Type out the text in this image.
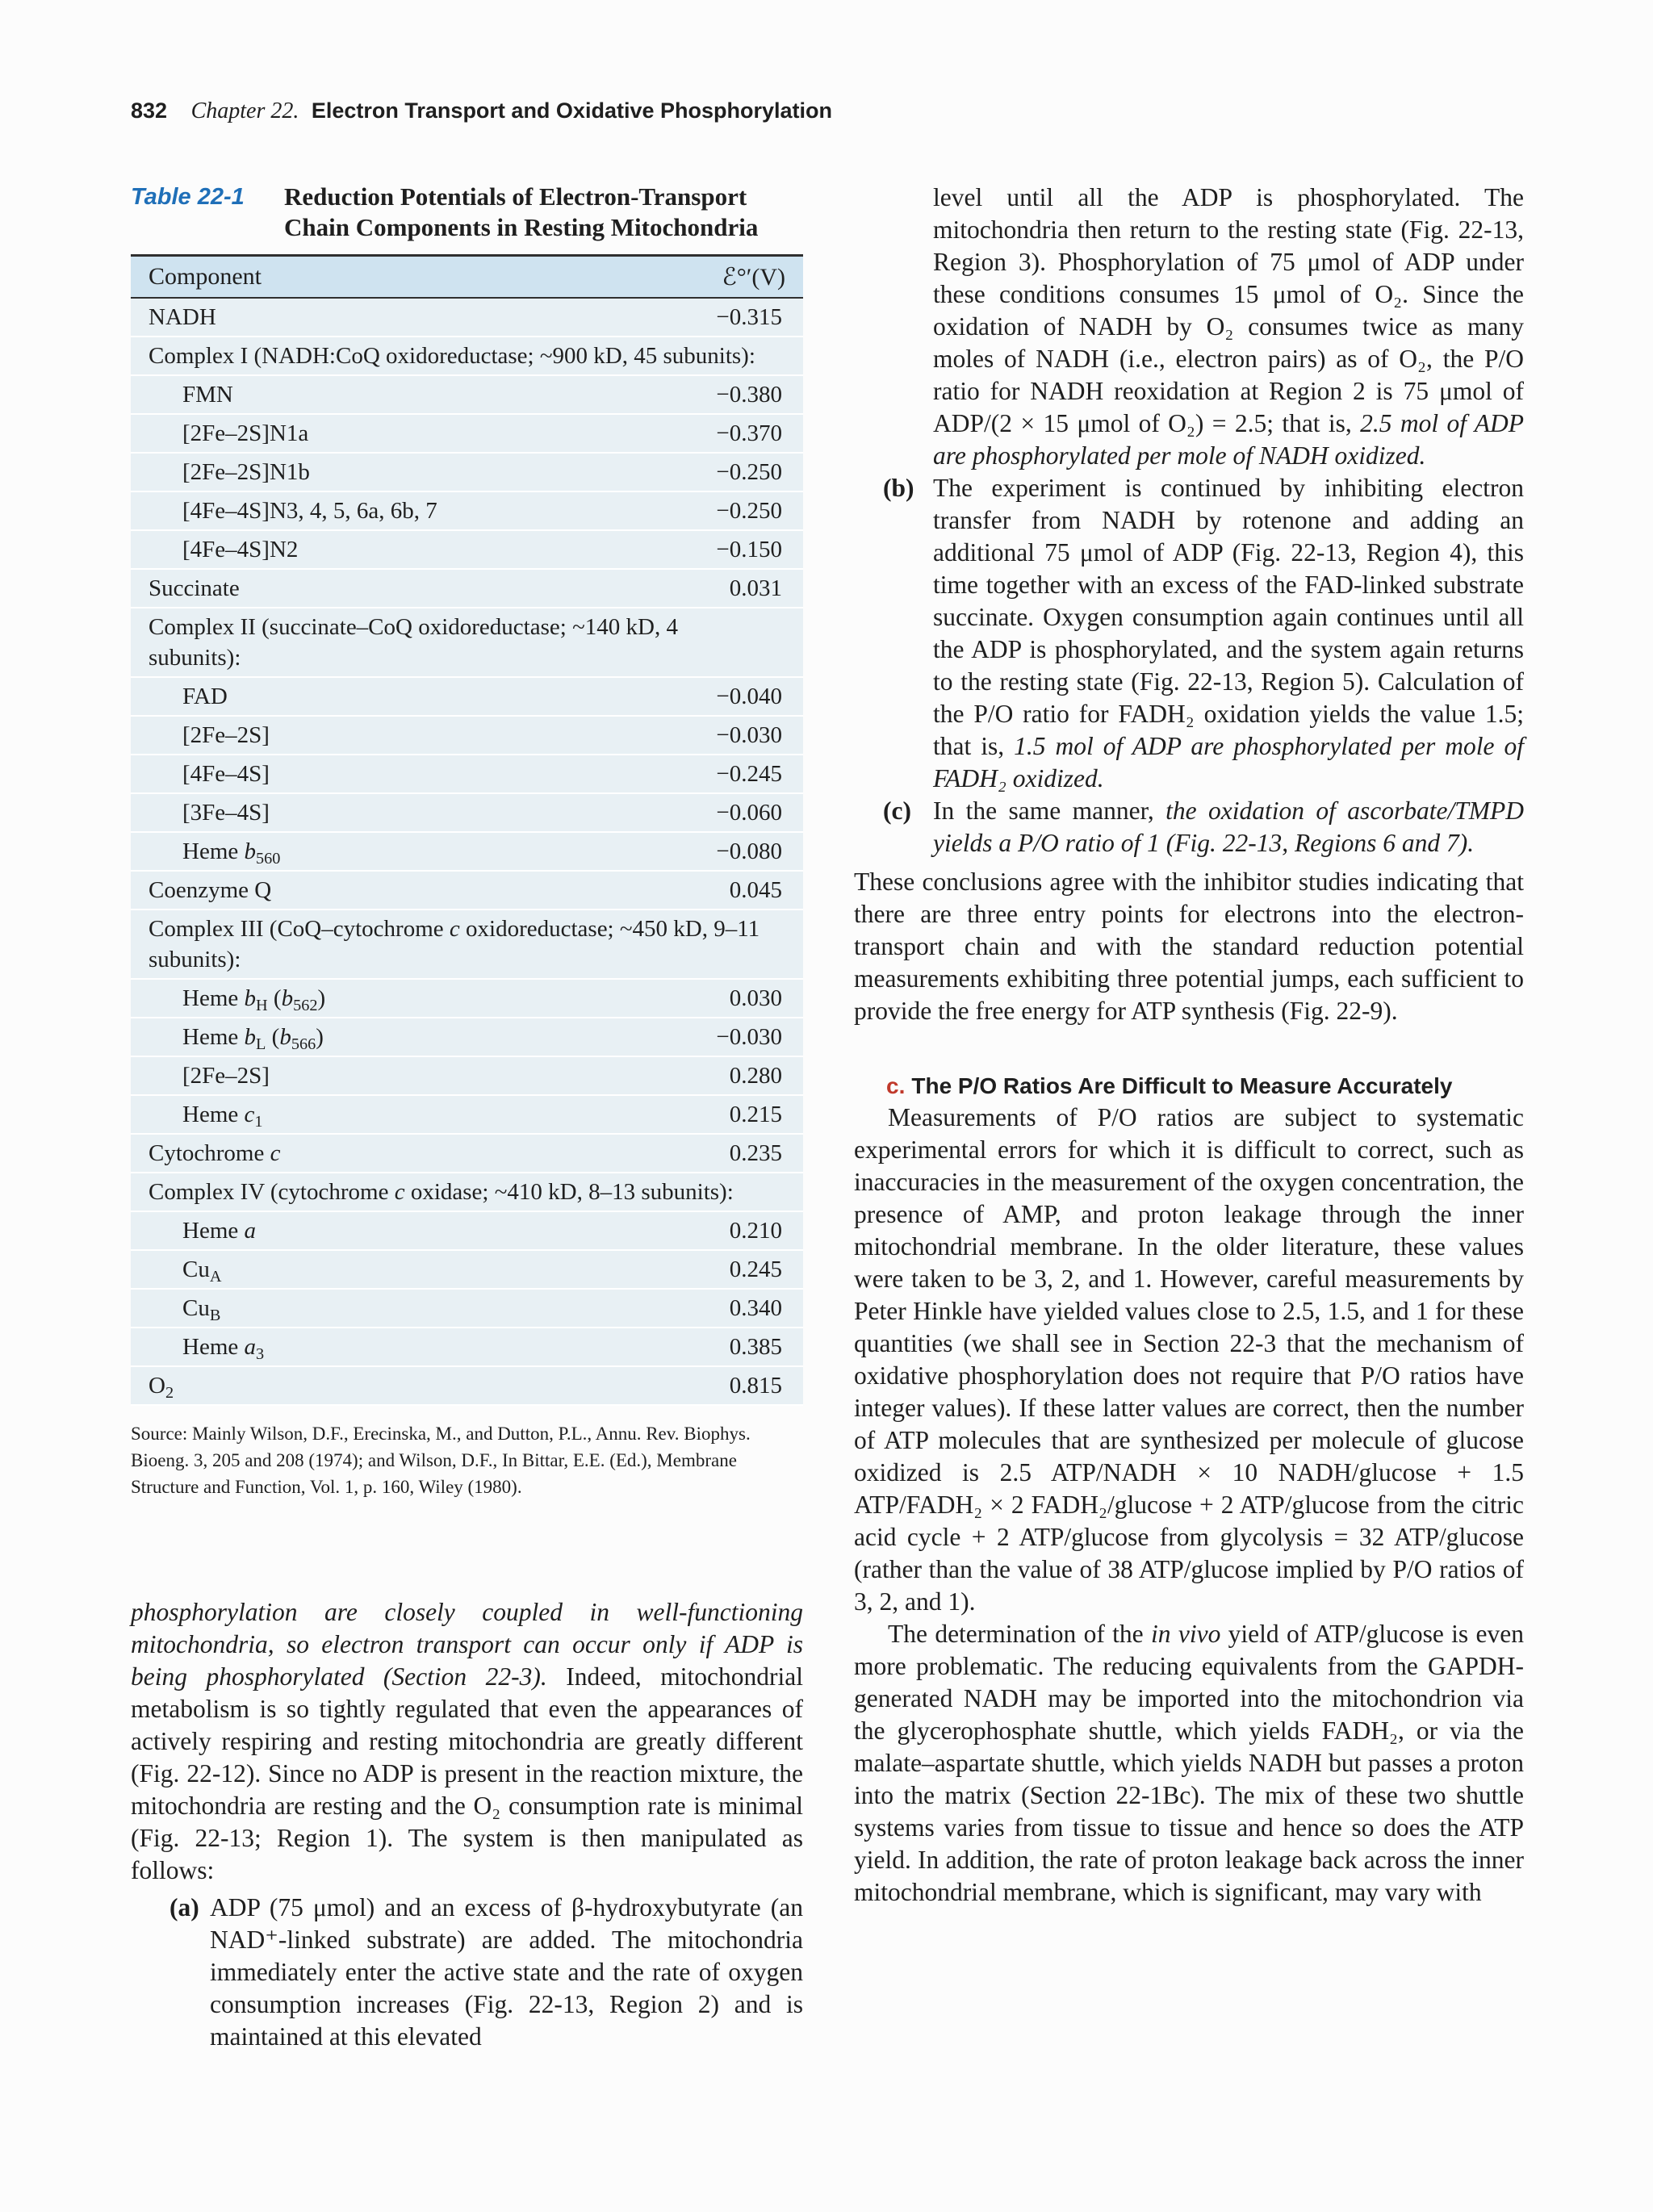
832 Chapter 22. Electron Transport and Oxidative Phosphorylation
Table 22-1	Reduction Potentials of Electron-Transport Chain Components in Resting Mitochondria
Component	ℰ°′(V)
NADH	−0.315
Complex I (NADH:CoQ oxidoreductase; ~900 kD, 45 subunits):
FMN	−0.380
[2Fe–2S]N1a	−0.370
[2Fe–2S]N1b	−0.250
[4Fe–4S]N3, 4, 5, 6a, 6b, 7	−0.250
[4Fe–4S]N2	−0.150
Succinate	0.031
Complex II (succinate–CoQ oxidoreductase; ~140 kD, 4 subunits):
FAD	−0.040
[2Fe–2S]	−0.030
[4Fe–4S]	−0.245
[3Fe–4S]	−0.060
Heme $b_{560}$	−0.080
Coenzyme Q	0.045
Complex III (CoQ–cytochrome c oxidoreductase; ~450 kD, 9–11 subunits):
Heme $b_H$ $(b_{562})$	0.030
Heme $b_L$ $(b_{566})$	−0.030
[2Fe–2S]	0.280
Heme $c_1$	0.215
Cytochrome c	0.235
Complex IV (cytochrome c oxidase; ~410 kD, 8–13 subunits):
Heme a	0.210
$Cu_A$	0.245
$Cu_B$	0.340
Heme $a_3$	0.385
$O_2$	0.815
Source: Mainly Wilson, D.F., Erecinska, M., and Dutton, P.L., Annu. Rev. Biophys. Bioeng. 3, 205 and 208 (1974); and Wilson, D.F., In Bittar, E.E. (Ed.), Membrane Structure and Function, Vol. 1, p. 160, Wiley (1980).

phosphorylation are closely coupled in well-functioning mitochondria, so electron transport can occur only if ADP is being phosphorylated (Section 22-3). Indeed, mitochondrial metabolism is so tightly regulated that even the appearances of actively respiring and resting mitochondria are greatly different (Fig. 22-12). Since no ADP is present in the reaction mixture, the mitochondria are resting and the O₂ consumption rate is minimal (Fig. 22-13; Region 1). The system is then manipulated as follows:

(a) ADP (75 μmol) and an excess of β-hydroxybutyrate (an NAD⁺-linked substrate) are added. The mitochondria immediately enter the active state and the rate of oxygen consumption increases (Fig. 22-13, Region 2) and is maintained at this elevated

level until all the ADP is phosphorylated. The mitochondria then return to the resting state (Fig. 22-13, Region 3). Phosphorylation of 75 μmol of ADP under these conditions consumes 15 μmol of O₂. Since the oxidation of NADH by O₂ consumes twice as many moles of NADH (i.e., electron pairs) as of O₂, the P/O ratio for NADH reoxidation at Region 2 is 75 μmol of ADP/(2 × 15 μmol of O₂) = 2.5; that is, 2.5 mol of ADP are phosphorylated per mole of NADH oxidized.

(b) The experiment is continued by inhibiting electron transfer from NADH by rotenone and adding an additional 75 μmol of ADP (Fig. 22-13, Region 4), this time together with an excess of the FAD-linked substrate succinate. Oxygen consumption again continues until all the ADP is phosphorylated, and the system again returns to the resting state (Fig. 22-13, Region 5). Calculation of the P/O ratio for FADH₂ oxidation yields the value 1.5; that is, 1.5 mol of ADP are phosphorylated per mole of FADH₂ oxidized.

(c) In the same manner, the oxidation of ascorbate/TMPD yields a P/O ratio of 1 (Fig. 22-13, Regions 6 and 7).

These conclusions agree with the inhibitor studies indicating that there are three entry points for electrons into the electron-transport chain and with the standard reduction potential measurements exhibiting three potential jumps, each sufficient to provide the free energy for ATP synthesis (Fig. 22-9).

c. The P/O Ratios Are Difficult to Measure Accurately

Measurements of P/O ratios are subject to systematic experimental errors for which it is difficult to correct, such as inaccuracies in the measurement of the oxygen concentration, the presence of AMP, and proton leakage through the inner mitochondrial membrane. In the older literature, these values were taken to be 3, 2, and 1. However, careful measurements by Peter Hinkle have yielded values close to 2.5, 1.5, and 1 for these quantities (we shall see in Section 22-3 that the mechanism of oxidative phosphorylation does not require that P/O ratios have integer values). If these latter values are correct, then the number of ATP molecules that are synthesized per molecule of glucose oxidized is 2.5 ATP/NADH × 10 NADH/glucose + 1.5 ATP/FADH₂ × 2 FADH₂/glucose + 2 ATP/glucose from the citric acid cycle + 2 ATP/glucose from glycolysis = 32 ATP/glucose (rather than the value of 38 ATP/glucose implied by P/O ratios of 3, 2, and 1).

The determination of the in vivo yield of ATP/glucose is even more problematic. The reducing equivalents from the GAPDH-generated NADH may be imported into the mitochondrion via the glycerophosphate shuttle, which yields FADH₂, or via the malate–aspartate shuttle, which yields NADH but passes a proton into the matrix (Section 22-1Bc). The mix of these two shuttle systems varies from tissue to tissue and hence so does the ATP yield. In addition, the rate of proton leakage back across the inner mitochondrial membrane, which is significant, may vary with
